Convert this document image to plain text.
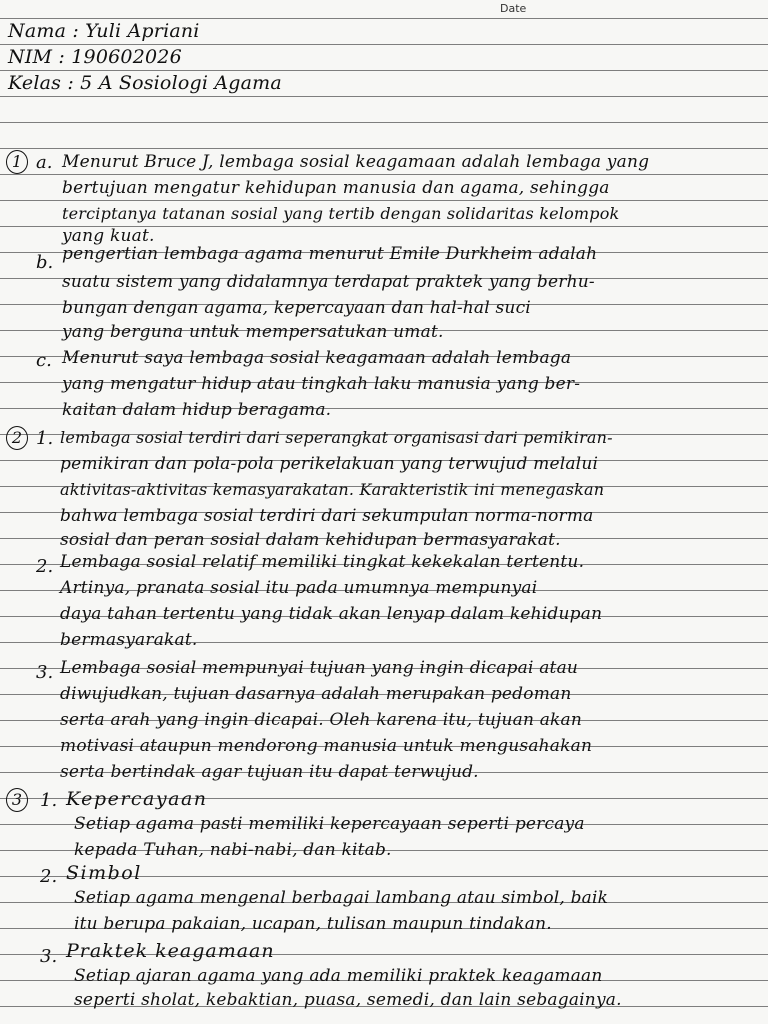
Date
Nama : Yuli Apriani
NIM : 190602026
Kelas : 5 A Sosiologi Agama
1 a. Menurut Bruce J, lembaga sosial keagamaan adalah lembaga yang
bertujuan mengatur kehidupan manusia dan agama, sehingga
terciptanya tatanan sosial yang tertib dengan solidaritas kelompok
yang kuat.
b. pengertian lembaga agama menurut Emile Durkheim adalah
suatu sistem yang didalamnya terdapat praktek yang berhu-
bungan dengan agama, kepercayaan dan hal-hal suci
yang berguna untuk mempersatukan umat.
c. Menurut saya lembaga sosial keagamaan adalah lembaga
yang mengatur hidup atau tingkah laku manusia yang ber-
kaitan dalam hidup beragama.
2 1. lembaga sosial terdiri dari seperangkat organisasi dari pemikiran-
pemikiran dan pola-pola perikelakuan yang terwujud melalui
aktivitas-aktivitas kemasyarakatan. Karakteristik ini menegaskan
bahwa lembaga sosial terdiri dari sekumpulan norma-norma
sosial dan peran sosial dalam kehidupan bermasyarakat.
2. Lembaga sosial relatif memiliki tingkat kekekalan tertentu.
Artinya, pranata sosial itu pada umumnya mempunyai
daya tahan tertentu yang tidak akan lenyap dalam kehidupan
bermasyarakat.
3. Lembaga sosial mempunyai tujuan yang ingin dicapai atau
diwujudkan, tujuan dasarnya adalah merupakan pedoman
serta arah yang ingin dicapai. Oleh karena itu, tujuan akan
motivasi ataupun mendorong manusia untuk mengusahakan
serta bertindak agar tujuan itu dapat terwujud.
3 1. Kepercayaan
Setiap agama pasti memiliki kepercayaan seperti percaya
kepada Tuhan, nabi-nabi, dan kitab.
2. Simbol
Setiap agama mengenal berbagai lambang atau simbol, baik
itu berupa pakaian, ucapan, tulisan maupun tindakan.
3. Praktek keagamaan
Setiap ajaran agama yang ada memiliki praktek keagamaan
seperti sholat, kebaktian, puasa, semedi, dan lain sebagainya.
